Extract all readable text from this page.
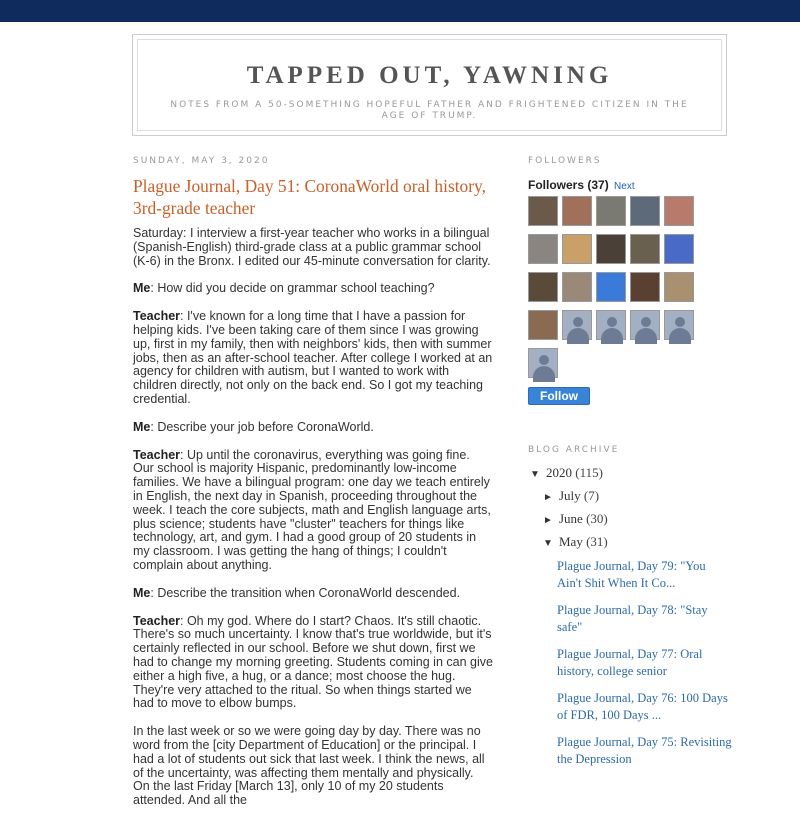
TAPPED OUT, YAWNING
NOTES FROM A 50-SOMETHING HOPEFUL FATHER AND FRIGHTENED CITIZEN IN THE AGE OF TRUMP.
SUNDAY, MAY 3, 2020
Plague Journal, Day 51: CoronaWorld oral history, 3rd-grade teacher

Saturday: I interview a first-year teacher who works in a bilingual (Spanish-English) third-grade class at a public grammar school (K-6) in the Bronx. I edited our 45-minute conversation for clarity.

Me: How did you decide on grammar school teaching?

Teacher: I've known for a long time that I have a passion for helping kids. I've been taking care of them since I was growing up, first in my family, then with neighbors' kids, then with summer jobs, then as an after-school teacher. After college I worked at an agency for children with autism, but I wanted to work with children directly, not only on the back end. So I got my teaching credential.

Me: Describe your job before CoronaWorld.

Teacher: Up until the coronavirus, everything was going fine. Our school is majority Hispanic, predominantly low-income families. We have a bilingual program: one day we teach entirely in English, the next day in Spanish, proceeding throughout the week. I teach the core subjects, math and English language arts, plus science; students have "cluster" teachers for things like technology, art, and gym. I had a good group of 20 students in my classroom. I was getting the hang of things; I couldn't complain about anything.

Me: Describe the transition when CoronaWorld descended.

Teacher: Oh my god. Where do I start? Chaos. It's still chaotic. There's so much uncertainty. I know that's true worldwide, but it's certainly reflected in our school. Before we shut down, first we had to change my morning greeting. Students coming in can give either a high five, a hug, or a dance; most choose the hug. They're very attached to the ritual. So when things started we had to move to elbow bumps.

In the last week or so we were going day by day. There was no word from the [city Department of Education] or the principal. I had a lot of students out sick that last week. I think the news, all of the uncertainty, was affecting them mentally and physically. On the last Friday [March 13], only 10 of my 20 students attended. And all the

FOLLOWERS
Followers (37) Next
Follow
BLOG ARCHIVE
▼ 2020 (115)
► July (7)
► June (30)
▼ May (31)
Plague Journal, Day 79: "You Ain't Shit When It Co...
Plague Journal, Day 78: "Stay safe"
Plague Journal, Day 77: Oral history, college senior
Plague Journal, Day 76: 100 Days of FDR, 100 Days ...
Plague Journal, Day 75: Revisiting the Depression
